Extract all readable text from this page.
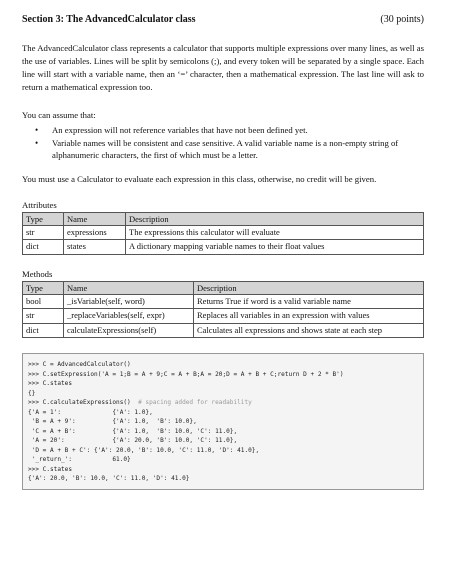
Section 3: The AdvancedCalculator class	(30 points)

The AdvancedCalculator class represents a calculator that supports multiple expressions over many lines, as well as the use of variables. Lines will be split by semicolons (;), and every token will be separated by a single space. Each line will start with a variable name, then an ‘=’ character, then a mathematical expression. The last line will ask to return a mathematical expression too.

You can assume that:

• An expression will not reference variables that have not been defined yet.
• Variable names will be consistent and case sensitive. A valid variable name is a non-empty string of alphanumeric characters, the first of which must be a letter.

You must use a Calculator to evaluate each expression in this class, otherwise, no credit will be given.

Attributes
Type	Name	Description
str	expressions	The expressions this calculator will evaluate
dict	states	A dictionary mapping variable names to their float values
Methods
Type	Name	Description
bool	_isVariable(self, word)	Returns True if word is a valid variable name
str	_replaceVariables(self, expr)	Replaces all variables in an expression with values
dict	calculateExpressions(self)	Calculates all expressions and shows state at each step
>>> C = AdvancedCalculator()
>>> C.setExpression('A = 1;B = A + 9;C = A + B;A = 20;D = A + B + C;return D + 2 * B')
>>> C.states
{}
>>> C.calculateExpressions()  # spacing added for readability
{'A = 1':              {'A': 1.0},
'B = A + 9':          {'A': 1.0,  'B': 10.0},
'C = A + B':          {'A': 1.0,  'B': 10.0, 'C': 11.0},
'A = 20':             {'A': 20.0, 'B': 10.0, 'C': 11.0},
'D = A + B + C': {'A': 20.0, 'B': 10.0, 'C': 11.0, 'D': 41.0},
'_return_':           61.0}
>>> C.states
{'A': 20.0, 'B': 10.0, 'C': 11.0, 'D': 41.0}
